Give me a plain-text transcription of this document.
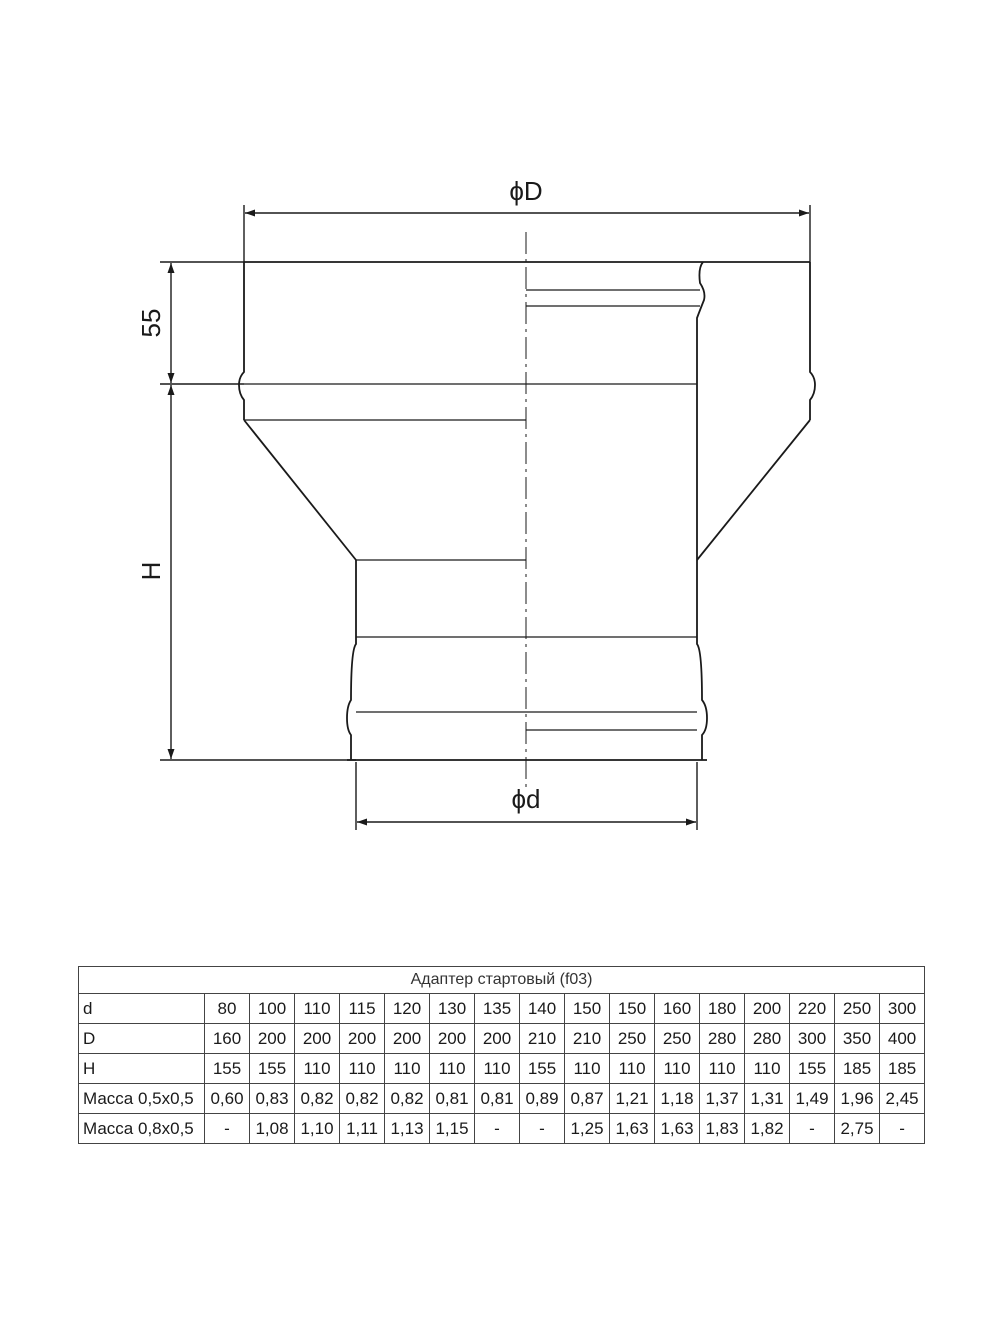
ϕD
55
H
ϕd
Адаптер стартовый (f03)																
d	80	100	110	115	120	130	135	140	150	150	160	180	200	220	250	300
D	160	200	200	200	200	200	200	210	210	250	250	280	280	300	350	400
H	155	155	110	110	110	110	110	155	110	110	110	110	110	155	185	185
Масса 0,5х0,5	0,60	0,83	0,82	0,82	0,82	0,81	0,81	0,89	0,87	1,21	1,18	1,37	1,31	1,49	1,96	2,45
Масса 0,8х0,5	-	1,08	1,10	1,11	1,13	1,15	-	-	1,25	1,63	1,63	1,83	1,82	-	2,75	-
